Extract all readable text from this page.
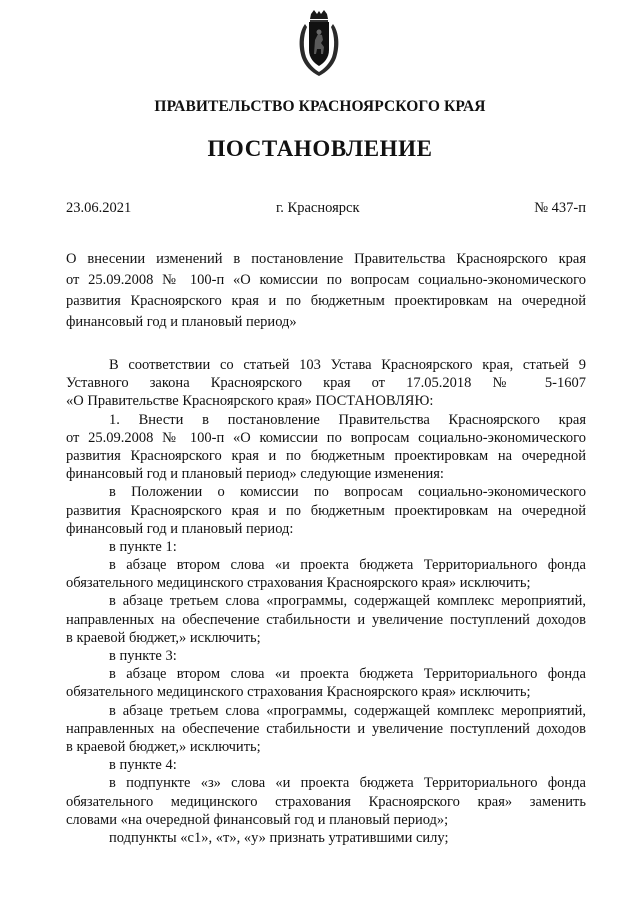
ПРАВИТЕЛЬСТВО КРАСНОЯРСКОГО КРАЯ
ПОСТАНОВЛЕНИЕ
23.06.2021	г. Красноярск	№ 437-п
О внесении изменений в постановление Правительства Красноярского края
от 25.09.2008 № 100-п «О комиссии по вопросам социально-экономического
развития Красноярского края и по бюджетным проектировкам на очередной
финансовый год и плановый период»
В соответствии со статьей 103 Устава Красноярского края, статьей 9
Уставного закона Красноярского края от 17.05.2018 № 5-1607
«О Правительстве Красноярского края» ПОСТАНОВЛЯЮ:
1. Внести в постановление Правительства Красноярского края
от 25.09.2008 № 100-п «О комиссии по вопросам социально-экономического
развития Красноярского края и по бюджетным проектировкам на очередной
финансовый год и плановый период» следующие изменения:
в Положении о комиссии по вопросам социально-экономического
развития Красноярского края и по бюджетным проектировкам на очередной
финансовый год и плановый период:
в пункте 1:
в абзаце втором слова «и проекта бюджета Территориального фонда
обязательного медицинского страхования Красноярского края» исключить;
в абзаце третьем слова «программы, содержащей комплекс мероприятий,
направленных на обеспечение стабильности и увеличение поступлений доходов
в краевой бюджет,» исключить;
в пункте 3:
в абзаце втором слова «и проекта бюджета Территориального фонда
обязательного медицинского страхования Красноярского края» исключить;
в абзаце третьем слова «программы, содержащей комплекс мероприятий,
направленных на обеспечение стабильности и увеличение поступлений доходов
в краевой бюджет,» исключить;
в пункте 4:
в подпункте «з» слова «и проекта бюджета Территориального фонда
обязательного медицинского страхования Красноярского края» заменить
словами «на очередной финансовый год и плановый период»;
подпункты «с1», «т», «у» признать утратившими силу;
